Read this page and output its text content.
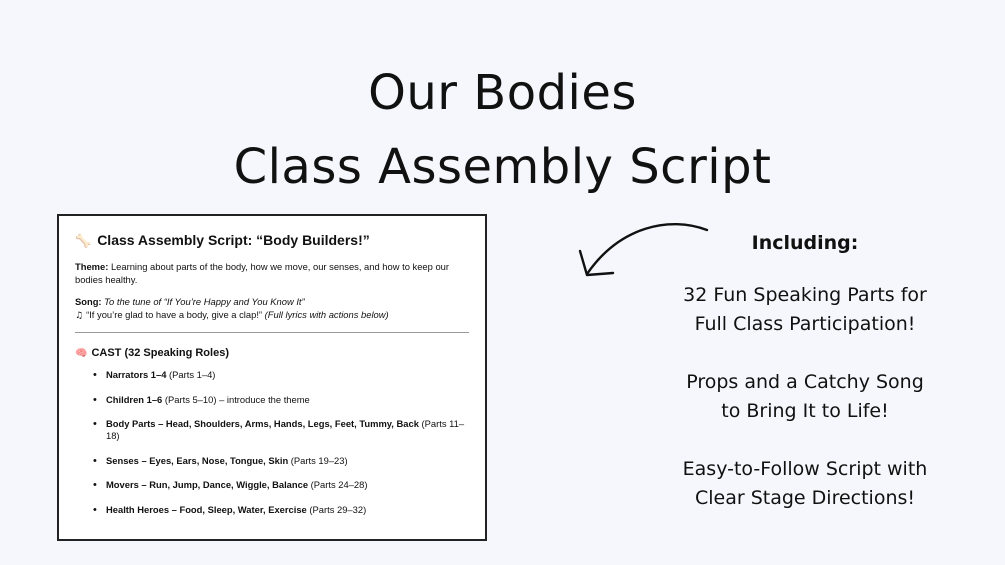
Our Bodies
Class Assembly Script
🦴 Class Assembly Script: “Body Builders!”

Theme: Learning about parts of the body, how we move, our senses, and how to keep our bodies healthy.

Song: To the tune of “If You’re Happy and You Know It”
♫ “If you’re glad to have a body, give a clap!” (Full lyrics with actions below)

🧠 CAST (32 Speaking Roles)
• Narrators 1–4 (Parts 1–4)
• Children 1–6 (Parts 5–10) – introduce the theme
• Body Parts – Head, Shoulders, Arms, Hands, Legs, Feet, Tummy, Back (Parts 11–18)
• Senses – Eyes, Ears, Nose, Tongue, Skin (Parts 19–23)
• Movers – Run, Jump, Dance, Wiggle, Balance (Parts 24–28)
• Health Heroes – Food, Sleep, Water, Exercise (Parts 29–32)
Including:
32 Fun Speaking Parts for
Full Class Participation!
Props and a Catchy Song
to Bring It to Life!
Easy-to-Follow Script with
Clear Stage Directions!
